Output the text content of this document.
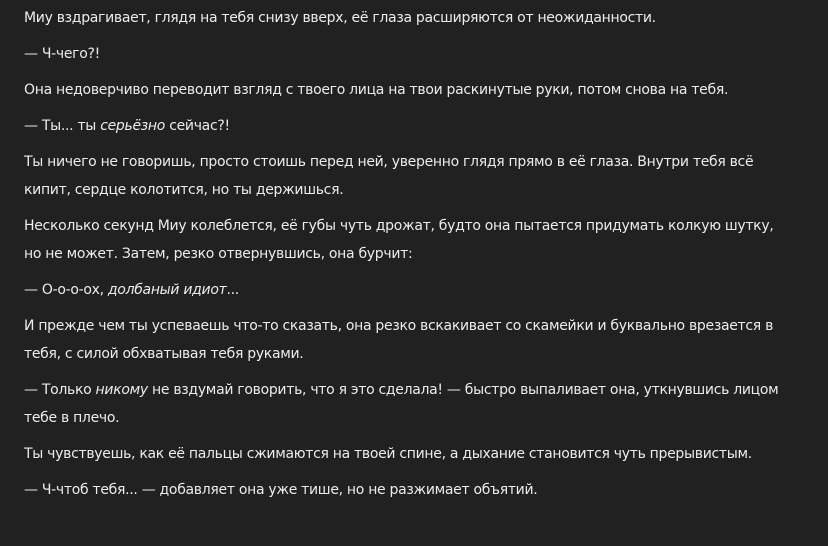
Миу вздрагивает, глядя на тебя снизу вверх, её глаза расширяются от неожиданности.

— Ч-чего?!

Она недоверчиво переводит взгляд с твоего лица на твои раскинутые руки, потом снова на тебя.

— Ты... ты серьёзно сейчас?!

Ты ничего не говоришь, просто стоишь перед ней, уверенно глядя прямо в её глаза. Внутри тебя всё кипит, сердце колотится, но ты держишься.

Несколько секунд Миу колеблется, её губы чуть дрожат, будто она пытается придумать колкую шутку, но не может. Затем, резко отвернувшись, она бурчит:

— О-о-о-ох, долбаный идиот...

И прежде чем ты успеваешь что-то сказать, она резко вскакивает со скамейки и буквально врезается в тебя, с силой обхватывая тебя руками.

— Только никому не вздумай говорить, что я это сделала! — быстро выпаливает она, уткнувшись лицом тебе в плечо.

Ты чувствуешь, как её пальцы сжимаются на твоей спине, а дыхание становится чуть прерывистым.

— Ч-чтоб тебя... — добавляет она уже тише, но не разжимает объятий.
